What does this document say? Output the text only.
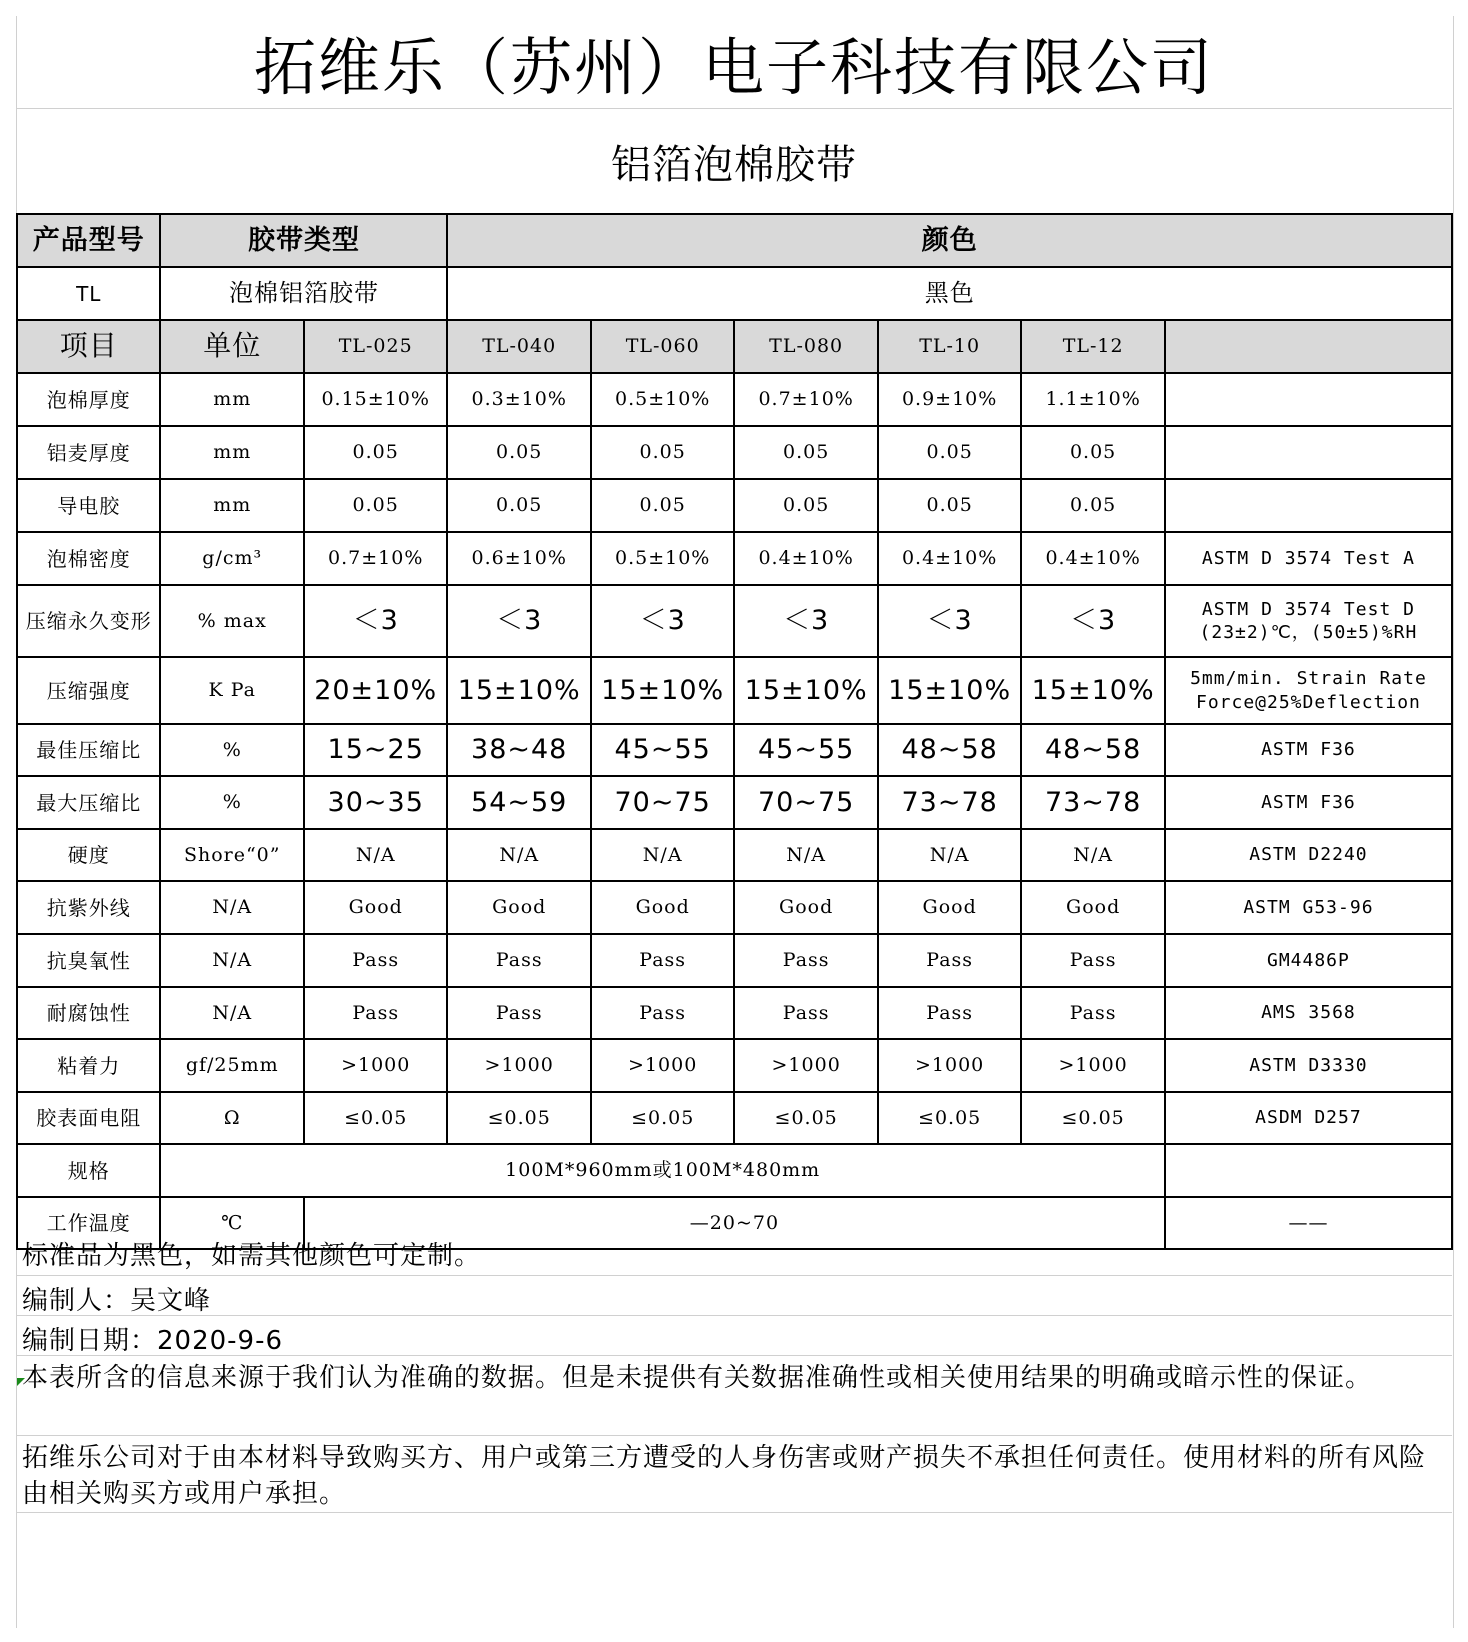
拓维乐（苏州）电子科技有限公司
铝箔泡棉胶带
产品型号	胶带类型		颜色					
TL	泡棉铝箔胶带		黑色					
项目	单位	TL-025	TL-040	TL-060	TL-080	TL-10	TL-12	
泡棉厚度	mm	0.15±10%	0.3±10%	0.5±10%	0.7±10%	0.9±10%	1.1±10%	
铝麦厚度	mm	0.05	0.05	0.05	0.05	0.05	0.05	
导电胶	mm	0.05	0.05	0.05	0.05	0.05	0.05	
泡棉密度	g/cm³	0.7±10%	0.6±10%	0.5±10%	0.4±10%	0.4±10%	0.4±10%	ASTM D 3574 Test A
压缩永久变形	% max	＜3	＜3	＜3	＜3	＜3	＜3	ASTM D 3574 Test D
(23±2)℃，(50±5)%RH
压缩强度	K Pa	20±10%	15±10%	15±10%	15±10%	15±10%	15±10%	5mm/min. Strain Rate
Force@25%Deflection
最佳压缩比	%	15~25	38~48	45~55	45~55	48~58	48~58	ASTM F36
最大压缩比	%	30~35	54~59	70~75	70~75	73~78	73~78	ASTM F36
硬度	Shore“0”	N/A	N/A	N/A	N/A	N/A	N/A	ASTM D2240
抗紫外线	N/A	Good	Good	Good	Good	Good	Good	ASTM G53-96
抗臭氧性	N/A	Pass	Pass	Pass	Pass	Pass	Pass	GM4486P
耐腐蚀性	N/A	Pass	Pass	Pass	Pass	Pass	Pass	AMS 3568
粘着力	gf/25mm	>1000	>1000	>1000	>1000	>1000	>1000	ASTM D3330
胶表面电阻	Ω	≤0.05	≤0.05	≤0.05	≤0.05	≤0.05	≤0.05	ASDM D257
规格	100M*960mm或100M*480mm							
工作温度	℃	—20~70						——
标准品为黑色，如需其他颜色可定制。
编制人：吴文峰
编制日期：2020-9-6
本表所含的信息来源于我们认为准确的数据。但是未提供有关数据准确性或相关使用结果的明确或暗示性的保证。
拓维乐公司对于由本材料导致购买方、用户或第三方遭受的人身伤害或财产损失不承担任何责任。使用材料的所有风险由相关购买方或用户承担。
